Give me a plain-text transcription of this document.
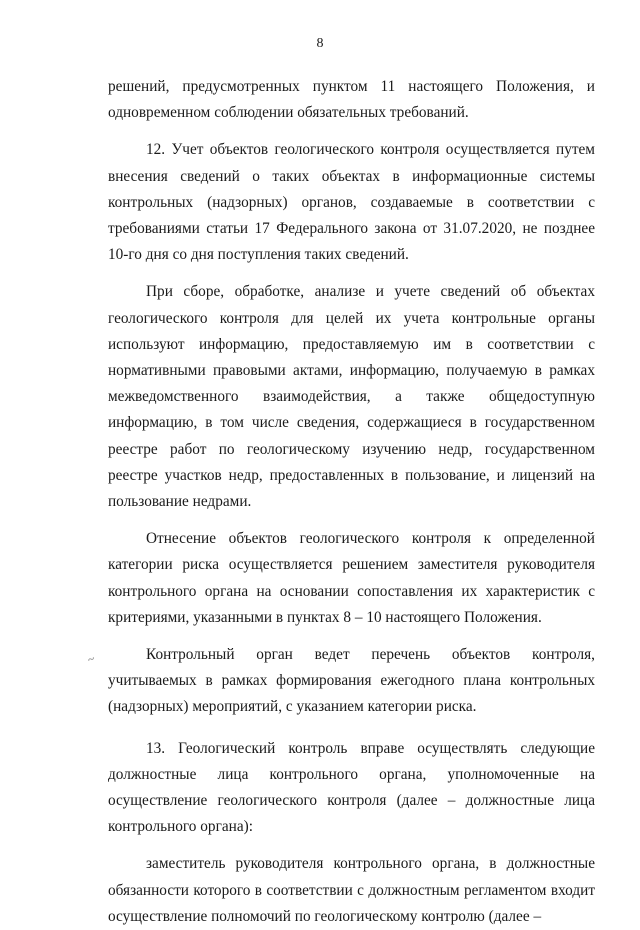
8
~

решений, предусмотренных пунктом 11 настоящего Положения, и одновременном соблюдении обязательных требований.

12. Учет объектов геологического контроля осуществляется путем внесения сведений о таких объектах в информационные системы контрольных (надзорных) органов, создаваемые в соответствии с требованиями статьи 17 Федерального закона от 31.07.2020, не позднее 10-го дня со дня поступления таких сведений.

При сборе, обработке, анализе и учете сведений об объектах геологического контроля для целей их учета контрольные органы используют информацию, предоставляемую им в соответствии с нормативными правовыми актами, информацию, получаемую в рамках межведомственного взаимодействия, а также общедоступную информацию, в том числе сведения, содержащиеся в государственном реестре работ по геологическому изучению недр, государственном реестре участков недр, предоставленных в пользование, и лицензий на пользование недрами.

Отнесение объектов геологического контроля к определенной категории риска осуществляется решением заместителя руководителя контрольного органа на основании сопоставления их характеристик с критериями, указанными в пунктах 8 – 10 настоящего Положения.

Контрольный орган ведет перечень объектов контроля, учитываемых в рамках формирования ежегодного плана контрольных (надзорных) мероприятий, с указанием категории риска.

13. Геологический контроль вправе осуществлять следующие должностные лица контрольного органа, уполномоченные на осуществление геологического контроля (далее – должностные лица контрольного органа):

заместитель руководителя контрольного органа, в должностные обязанности которого в соответствии с должностным регламентом входит осуществление полномочий по геологическому контролю (далее –
